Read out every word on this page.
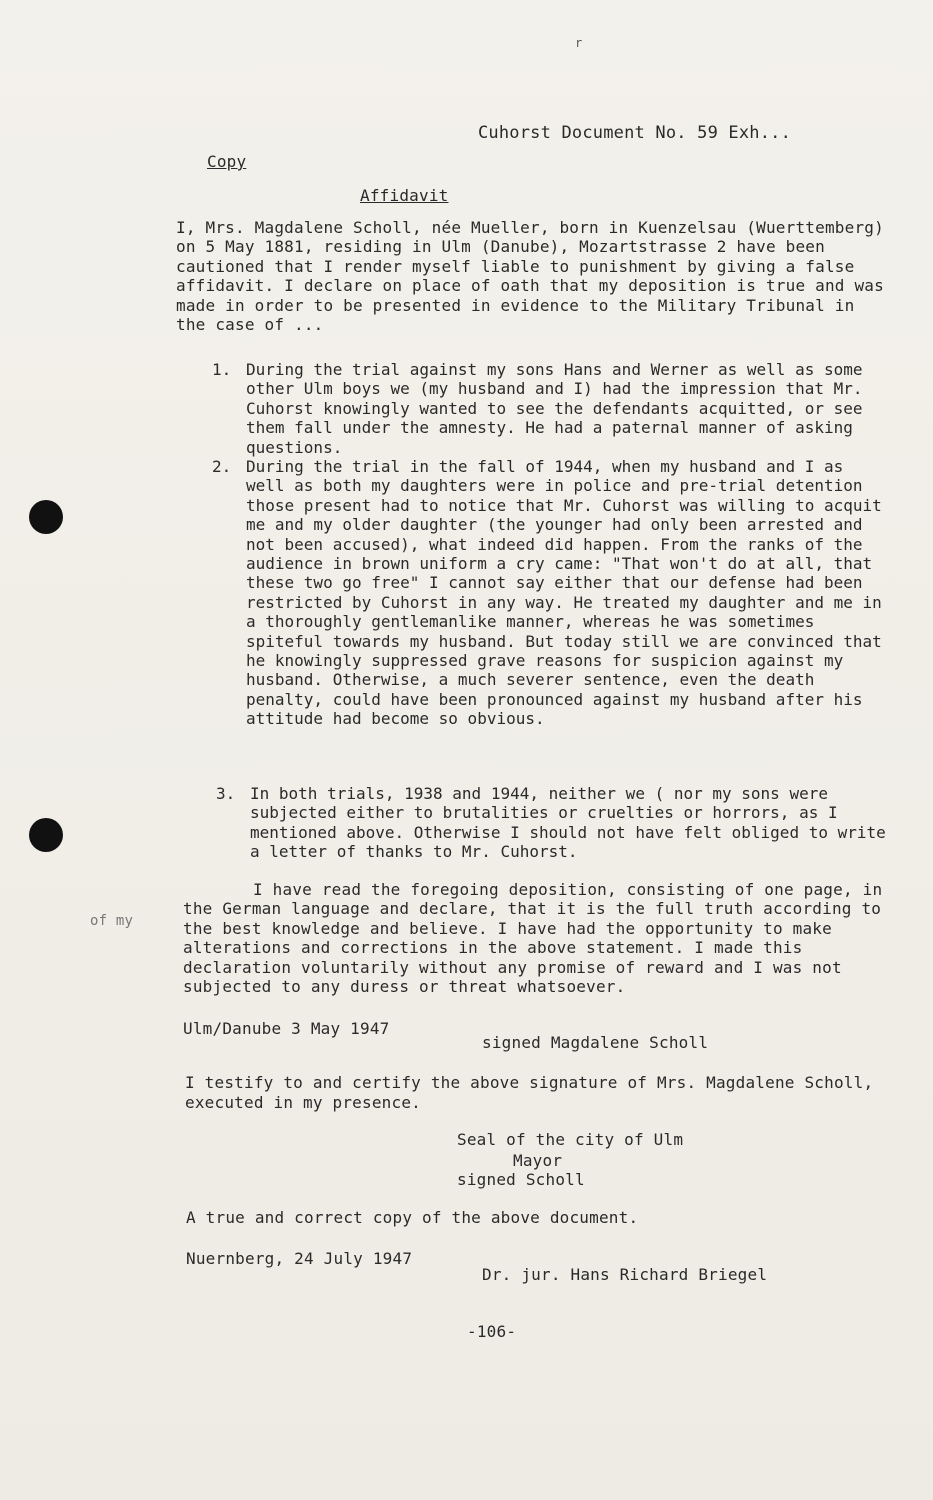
r
Cuhorst Document No. 59 Exh...
Copy
Affidavit
I, Mrs. Magdalene Scholl, née Mueller, born in Kuenzelsau (Wuerttemberg) on 5 May 1881, residing in Ulm (Danube), Mozartstrasse 2 have been cautioned that I render myself liable to punishment by giving a false affidavit. I declare on place of oath that my deposition is true and was made in order to be presented in evidence to the Military Tribunal in the case of ...
1. During the trial against my sons Hans and Werner as well as some other Ulm boys we (my husband and I) had the impression that Mr. Cuhorst knowingly wanted to see the defendants acquitted, or see them fall under the amnesty. He had a paternal manner of asking questions.
2. During the trial in the fall of 1944, when my husband and I as well as both my daughters were in police and pre-trial detention those present had to notice that Mr. Cuhorst was willing to acquit me and my older daughter (the younger had only been arrested and not been accused), what indeed did happen. From the ranks of the audience in brown uniform a cry came: "That won't do at all, that these two go free" I cannot say either that our defense had been restricted by Cuhorst in any way. He treated my daughter and me in a thoroughly gentlemanlike manner, whereas he was sometimes spiteful towards my husband. But today still we are convinced that he knowingly suppressed grave reasons for suspicion against my husband. Otherwise, a much severer sentence, even the death penalty, could have been pronounced against my husband after his attitude had become so obvious.
3. In both trials, 1938 and 1944, neither we ( nor my sons were subjected either to brutalities or cruelties or horrors, as I mentioned above. Otherwise I should not have felt obliged to write a letter of thanks to Mr. Cuhorst.
I have read the foregoing deposition, consisting of one page, in the German language and declare, that it is the full truth according to the best knowledge and believe. I have had the opportunity to make alterations and corrections in the above statement. I made this declaration voluntarily without any promise of reward and I was not subjected to any duress or threat whatsoever.
of my
Ulm/Danube 3 May 1947
signed Magdalene Scholl
I testify to and certify the above signature of Mrs. Magdalene Scholl, executed in my presence.
Seal of the city of Ulm
Mayor
signed Scholl
A true and correct copy of the above document.
Nuernberg, 24 July 1947
Dr. jur. Hans Richard Briegel
-106-
